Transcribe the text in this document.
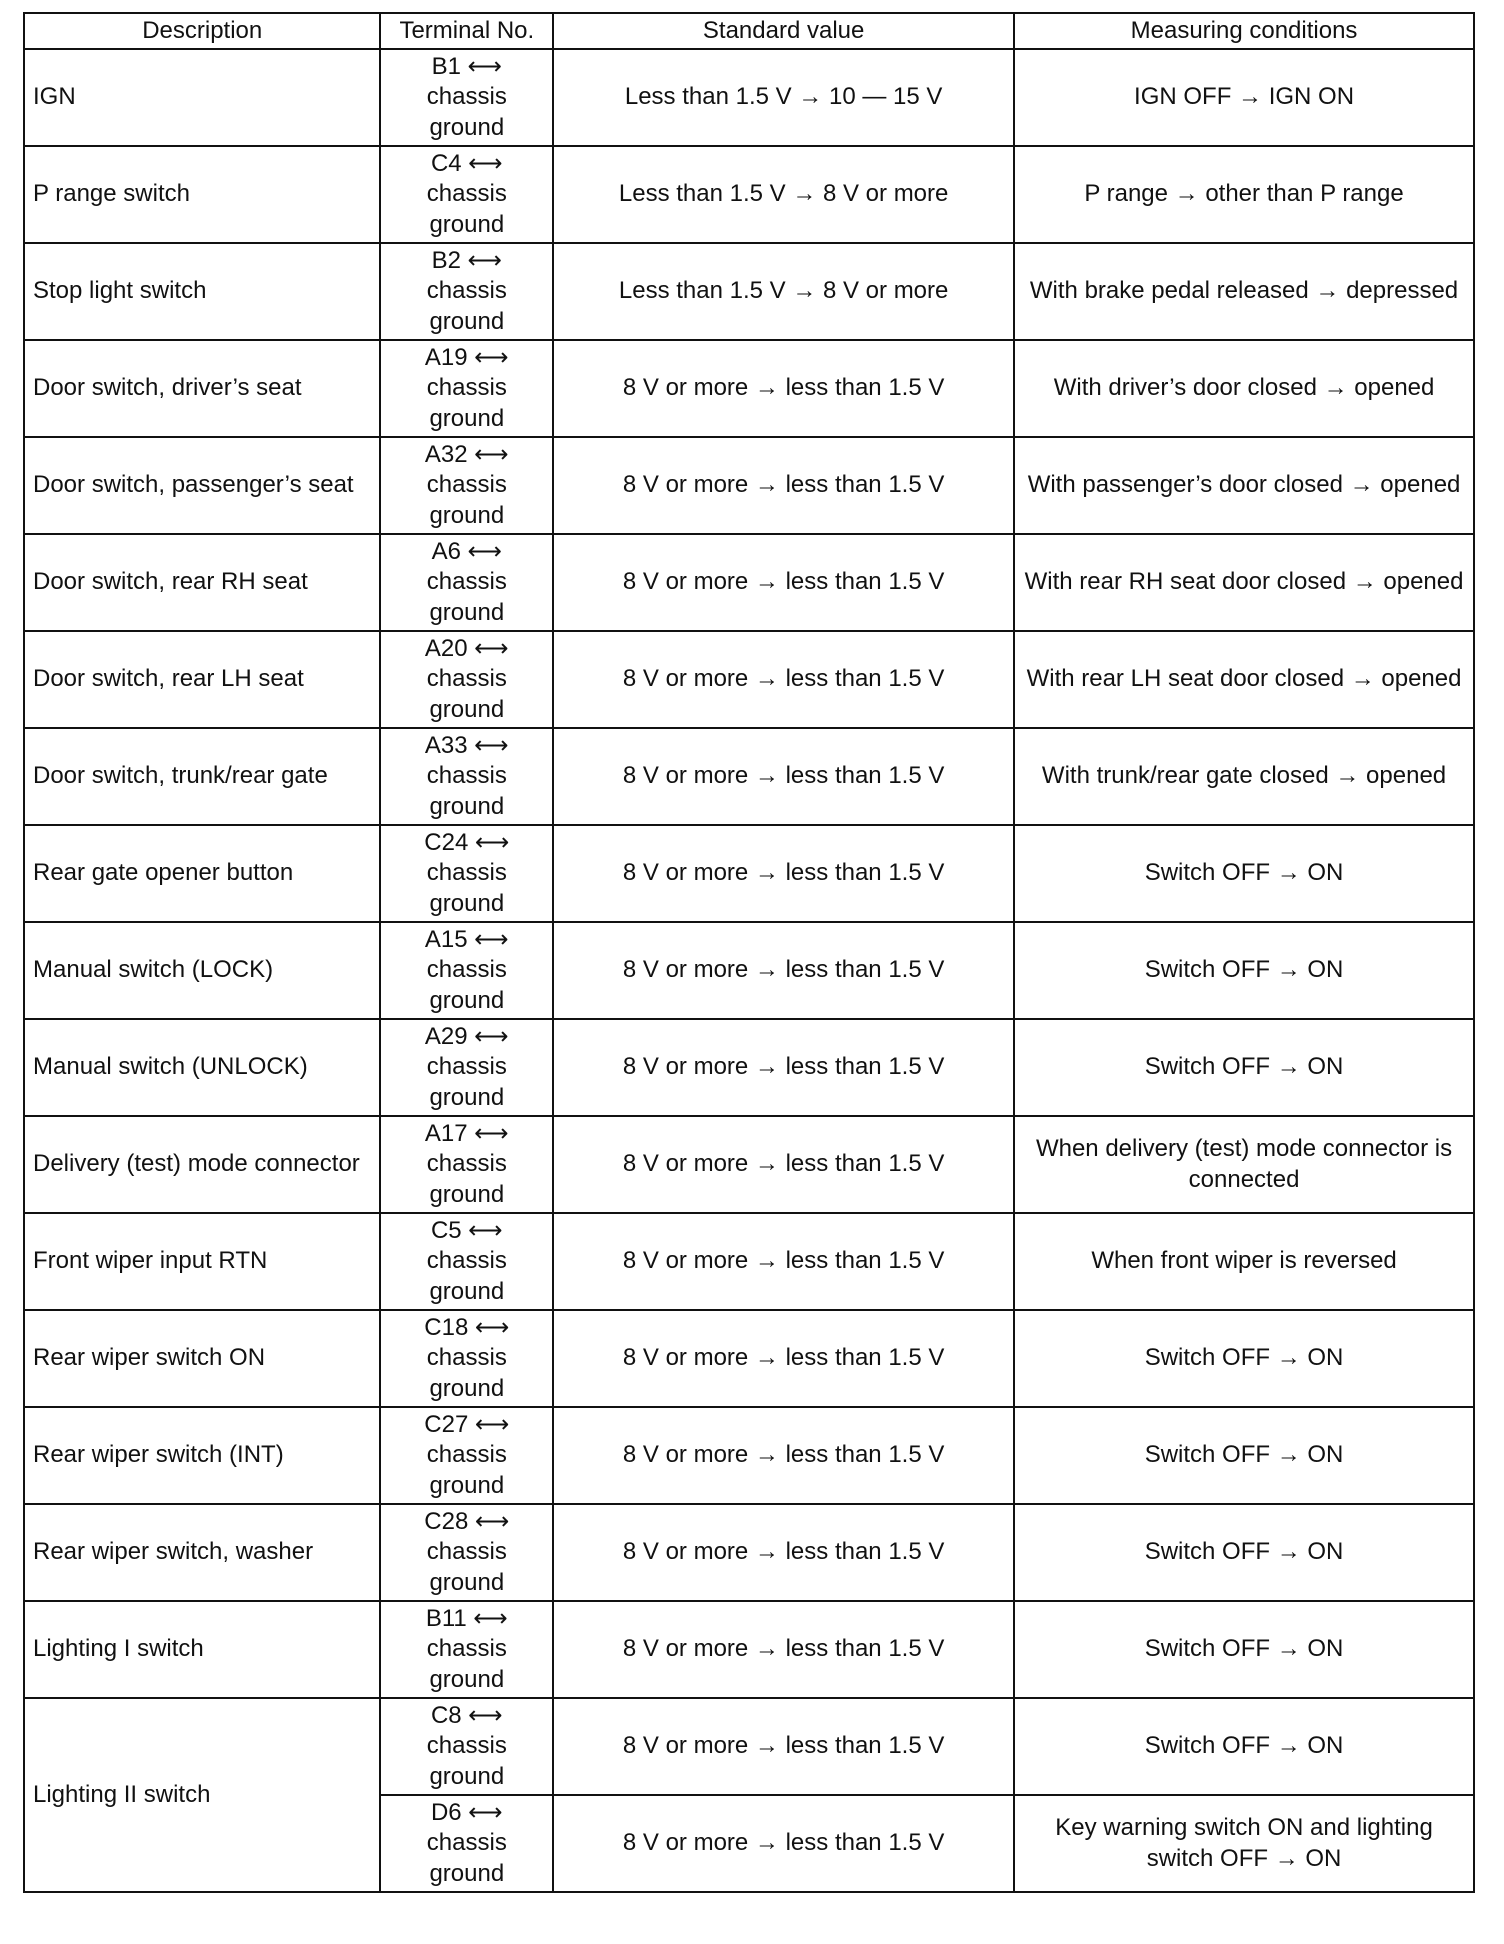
Description	Terminal No.	Standard value	Measuring conditions
IGN	B1 ⟷
chassis
ground	Less than 1.5 V → 10 — 15 V	IGN OFF → IGN ON
P range switch	C4 ⟷
chassis
ground	Less than 1.5 V → 8 V or more	P range → other than P range
Stop light switch	B2 ⟷
chassis
ground	Less than 1.5 V → 8 V or more	With brake pedal released → depressed
Door switch, driver’s seat	A19 ⟷
chassis
ground	8 V or more → less than 1.5 V	With driver’s door closed → opened
Door switch, passenger’s seat	A32 ⟷
chassis
ground	8 V or more → less than 1.5 V	With passenger’s door closed → opened
Door switch, rear RH seat	A6 ⟷
chassis
ground	8 V or more → less than 1.5 V	With rear RH seat door closed → opened
Door switch, rear LH seat	A20 ⟷
chassis
ground	8 V or more → less than 1.5 V	With rear LH seat door closed → opened
Door switch, trunk/rear gate	A33 ⟷
chassis
ground	8 V or more → less than 1.5 V	With trunk/rear gate closed → opened
Rear gate opener button	C24 ⟷
chassis
ground	8 V or more → less than 1.5 V	Switch OFF → ON
Manual switch (LOCK)	A15 ⟷
chassis
ground	8 V or more → less than 1.5 V	Switch OFF → ON
Manual switch (UNLOCK)	A29 ⟷
chassis
ground	8 V or more → less than 1.5 V	Switch OFF → ON
Delivery (test) mode connector	A17 ⟷
chassis
ground	8 V or more → less than 1.5 V	When delivery (test) mode connector is connected
Front wiper input RTN	C5 ⟷
chassis
ground	8 V or more → less than 1.5 V	When front wiper is reversed
Rear wiper switch ON	C18 ⟷
chassis
ground	8 V or more → less than 1.5 V	Switch OFF → ON
Rear wiper switch (INT)	C27 ⟷
chassis
ground	8 V or more → less than 1.5 V	Switch OFF → ON
Rear wiper switch, washer	C28 ⟷
chassis
ground	8 V or more → less than 1.5 V	Switch OFF → ON
Lighting I switch	B11 ⟷
chassis
ground	8 V or more → less than 1.5 V	Switch OFF → ON
Lighting II switch	C8 ⟷
chassis
ground	8 V or more → less than 1.5 V	Switch OFF → ON
	D6 ⟷
chassis
ground	8 V or more → less than 1.5 V	Key warning switch ON and lighting switch OFF → ON
